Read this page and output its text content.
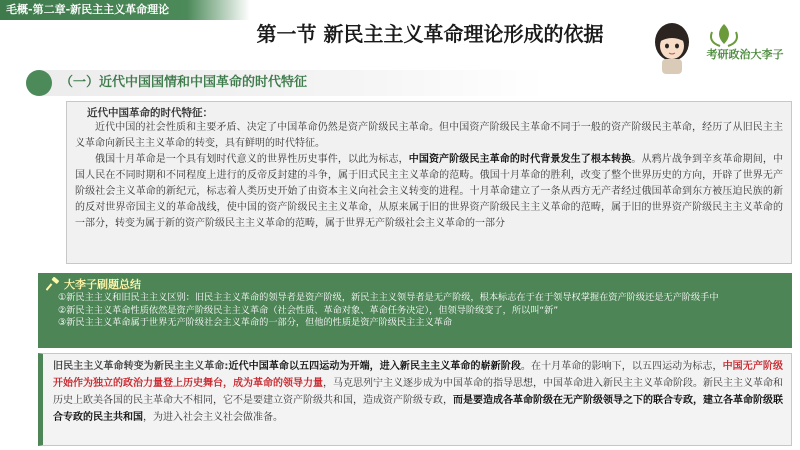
毛概-第二章-新民主主义革命理论
第一节 新民主主义革命理论形成的依据
（一）近代中国国情和中国革命的时代特征
考研政治大李子
近代中国革命的时代特征：

近代中国的社会性质和主要矛盾、决定了中国革命仍然是资产阶级民主革命。但中国资产阶级民主革命不同于一般的资产阶级民主革命，经历了从旧民主主义革命向新民主主义革命的转变，具有鲜明的时代特征。

俄国十月革命是一个具有划时代意义的世界性历史事件，以此为标志，中国资产阶级民主革命的时代背景发生了根本转换。从鸦片战争到辛亥革命期间，中国人民在不同时期和不同程度上进行的反帝反封建的斗争，属于旧式民主主义革命的范畴。俄国十月革命的胜利，改变了整个世界历史的方向，开辟了世界无产阶级社会主义革命的新纪元，标志着人类历史开始了由资本主义向社会主义转变的进程。十月革命建立了一条从西方无产者经过俄国革命到东方被压迫民族的新的反对世界帝国主义的革命战线，使中国的资产阶级民主主义革命，从原来属于旧的世界资产阶级民主主义革命的范畴，属于旧的世界资产阶级民主主义革命的一部分，转变为属于新的资产阶级民主主义革命的范畴，属于世界无产阶级社会主义革命的一部分

大李子刷题总结
①新民主主义和旧民主主义区别：旧民主主义革命的领导者是资产阶级，新民主主义领导者是无产阶级，根本标志在于在于领导权掌握在资产阶级还是无产阶级手中
②新民主主义革命性质依然是资产阶级民主主义革命（社会性质、革命对象、革命任务决定），但领导阶级变了，所以叫“新”
③新民主主义革命属于世界无产阶级社会主义革命的一部分，但他的性质是资产阶级民主主义革命
旧民主主义革命转变为新民主主义革命:近代中国革命以五四运动为开端，进入新民主主义革命的崭新阶段。在十月革命的影响下，以五四运动为标志，中国无产阶级开始作为独立的政治力量登上历史舞台，成为革命的领导力量，马克思列宁主义逐步成为中国革命的指导思想，中国革命进入新民主主义革命阶段。新民主主义革命和历史上欧美各国的民主革命大不相同，它不是要建立资产阶级共和国，造成资产阶级专政，而是要造成各革命阶级在无产阶级领导之下的联合专政，建立各革命阶级联合专政的民主共和国，为进入社会主义社会做准备。
